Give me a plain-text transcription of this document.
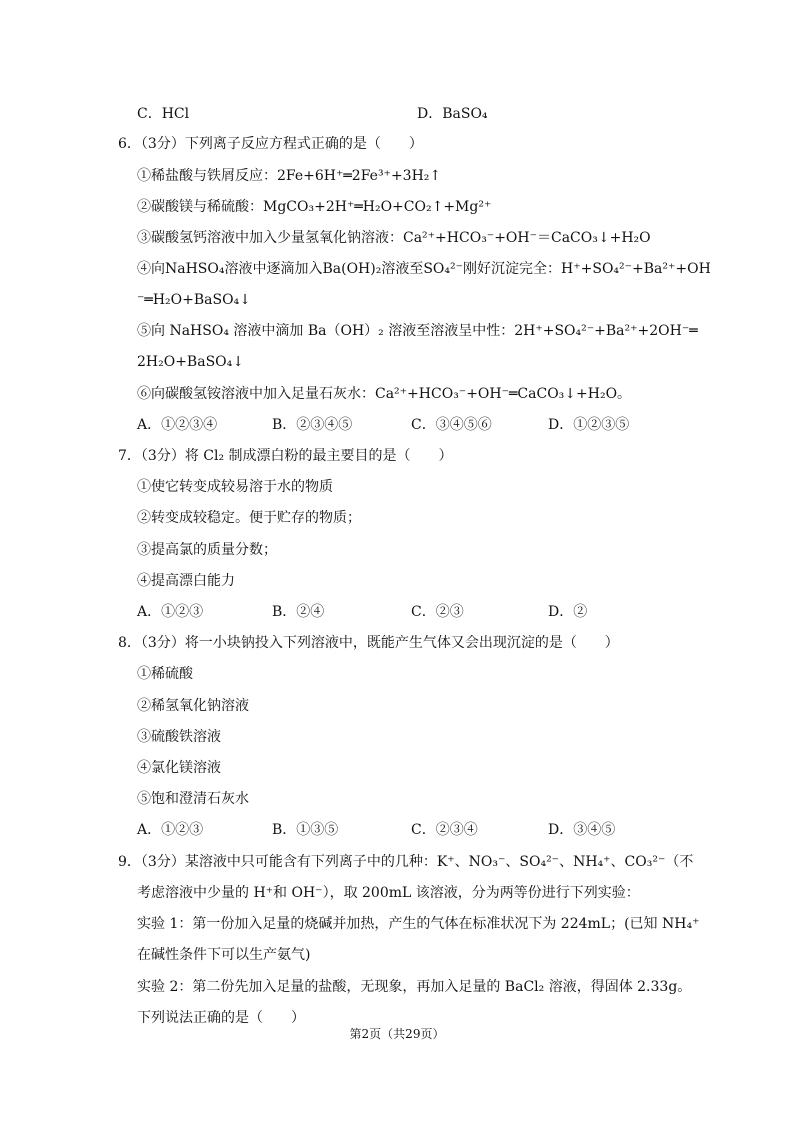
C．HCl	D．BaSO₄
6．（3分）下列离子反应方程式正确的是（　　）
①稀盐酸与铁屑反应：2Fe+6H⁺═2Fe³⁺+3H₂↑
②碳酸镁与稀硫酸：MgCO₃+2H⁺═H₂O+CO₂↑+Mg²⁺
③碳酸氢钙溶液中加入少量氢氧化钠溶液：Ca²⁺+HCO₃⁻+OH⁻＝CaCO₃↓+H₂O
④向NaHSO₄溶液中逐滴加入Ba(OH)₂溶液至SO₄²⁻刚好沉淀完全：H⁺+SO₄²⁻+Ba²⁺+OH
⁻═H₂O+BaSO₄↓
⑤向 NaHSO₄ 溶液中滴加 Ba（OH）₂ 溶液至溶液呈中性：2H⁺+SO₄²⁻+Ba²⁺+2OH⁻═
2H₂O+BaSO₄↓
⑥向碳酸氢铵溶液中加入足量石灰水：Ca²⁺+HCO₃⁻+OH⁻═CaCO₃↓+H₂O。
A．①②③④	B．②③④⑤	C．③④⑤⑥	D．①②③⑤
7．（3分）将 Cl₂ 制成漂白粉的最主要目的是（　　）
①使它转变成较易溶于水的物质
②转变成较稳定。便于贮存的物质；
③提高氯的质量分数；
④提高漂白能力
A．①②③	B．②④	C．②③	D．②
8．（3分）将一小块钠投入下列溶液中，既能产生气体又会出现沉淀的是（　　）
①稀硫酸
②稀氢氧化钠溶液
③硫酸铁溶液
④氯化镁溶液
⑤饱和澄清石灰水
A．①②③	B．①③⑤	C．②③④	D．③④⑤
9．（3分）某溶液中只可能含有下列离子中的几种：K⁺、NO₃⁻、SO₄²⁻、NH₄⁺、CO₃²⁻（不
考虑溶液中少量的 H⁺和 OH⁻），取 200mL 该溶液，分为两等份进行下列实验：
实验 1：第一份加入足量的烧碱并加热，产生的气体在标准状况下为 224mL；(已知 NH₄⁺
在碱性条件下可以生产氨气)
实验 2：第二份先加入足量的盐酸，无现象，再加入足量的 BaCl₂ 溶液，得固体 2.33g。
下列说法正确的是（　　）
第2页（共29页）
